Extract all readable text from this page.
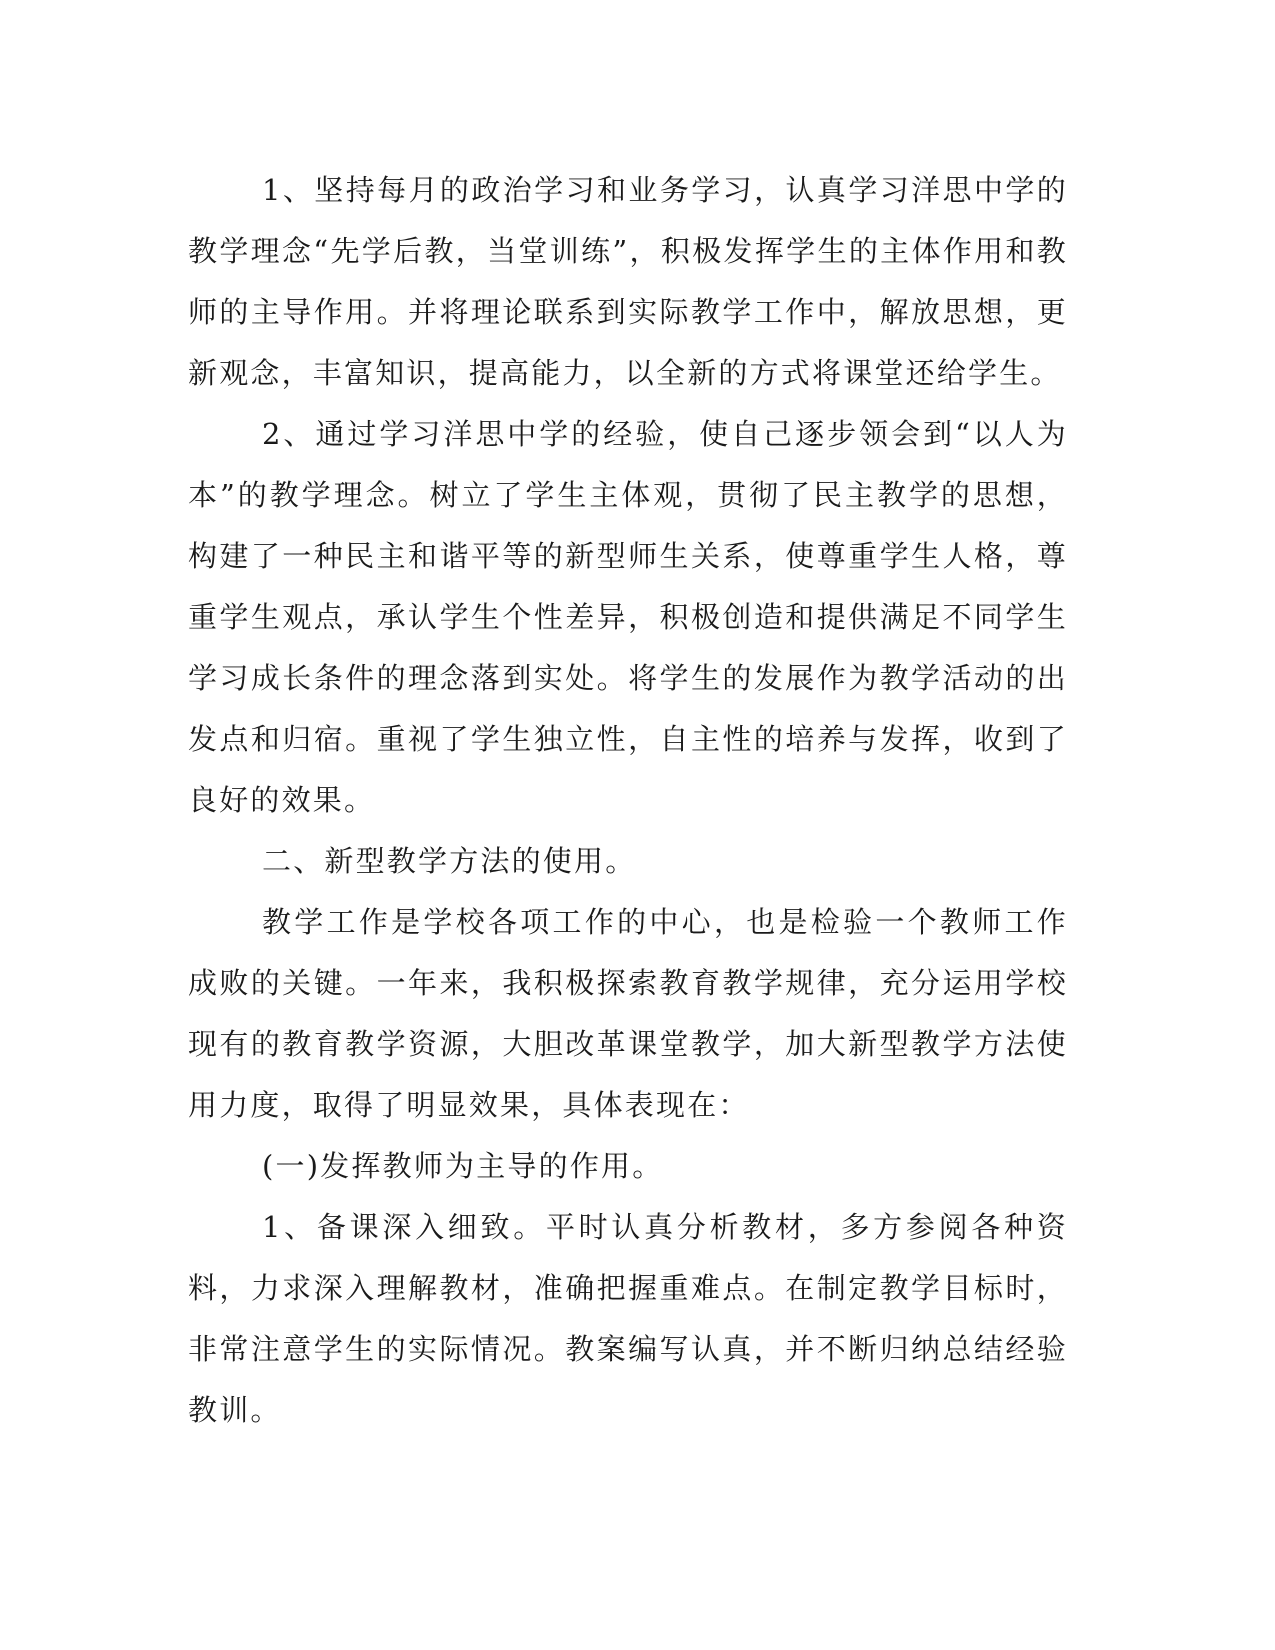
1、坚持每月的政治学习和业务学习，认真学习洋思中学的教学理念“先学后教，当堂训练”，积极发挥学生的主体作用和教师的主导作用。并将理论联系到实际教学工作中，解放思想，更新观念，丰富知识，提高能力，以全新的方式将课堂还给学生。

2、通过学习洋思中学的经验，使自己逐步领会到“以人为本”的教学理念。树立了学生主体观，贯彻了民主教学的思想，构建了一种民主和谐平等的新型师生关系，使尊重学生人格，尊重学生观点，承认学生个性差异，积极创造和提供满足不同学生学习成长条件的理念落到实处。将学生的发展作为教学活动的出发点和归宿。重视了学生独立性，自主性的培养与发挥，收到了良好的效果。

二、新型教学方法的使用。

教学工作是学校各项工作的中心，也是检验一个教师工作成败的关键。一年来，我积极探索教育教学规律，充分运用学校现有的教育教学资源，大胆改革课堂教学，加大新型教学方法使用力度，取得了明显效果，具体表现在：

(一)发挥教师为主导的作用。

1、备课深入细致。平时认真分析教材，多方参阅各种资料，力求深入理解教材，准确把握重难点。在制定教学目标时，非常注意学生的实际情况。教案编写认真，并不断归纳总结经验教训。
